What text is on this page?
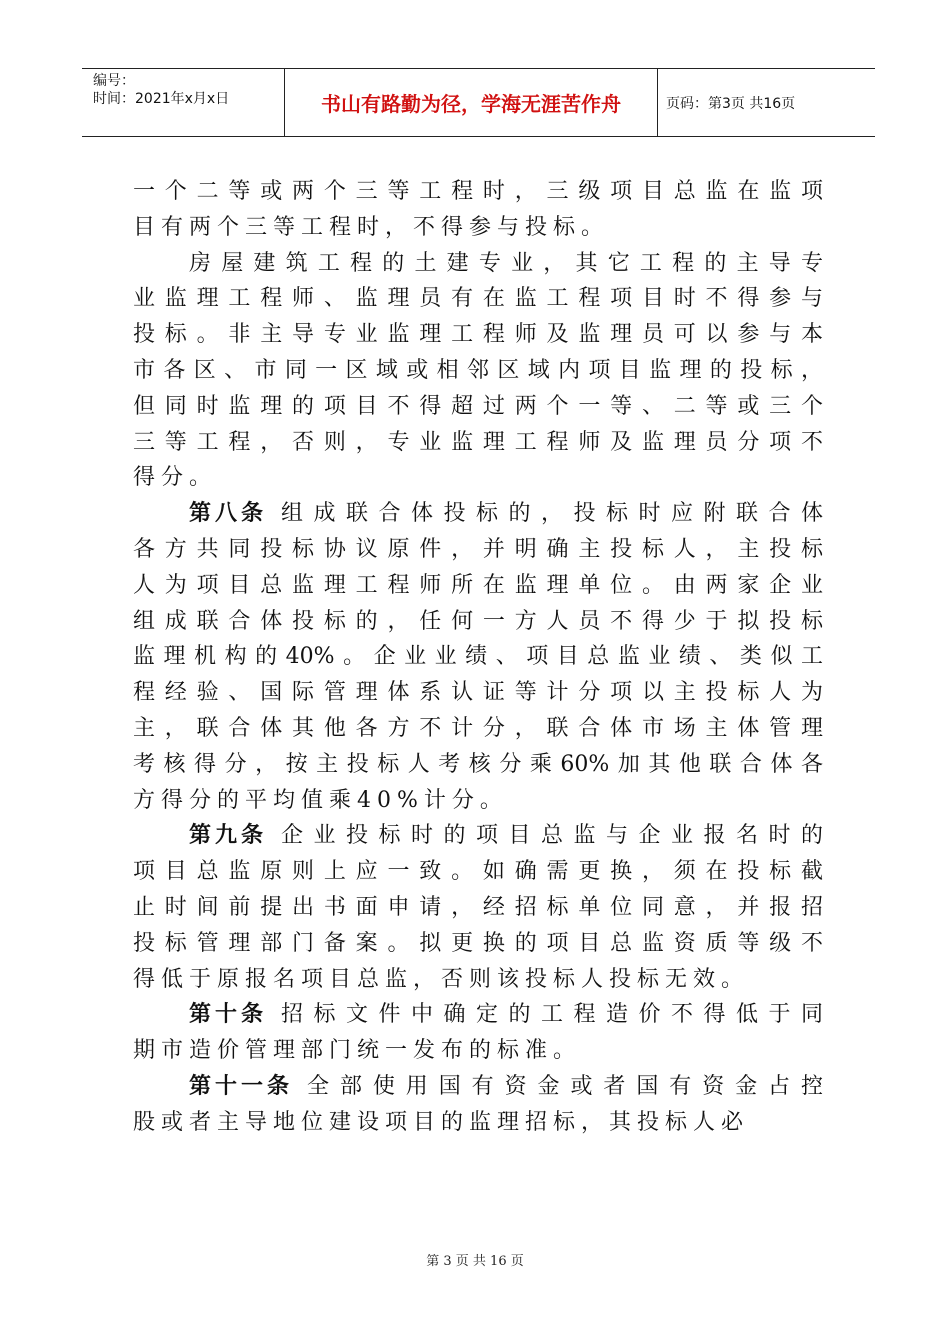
编号：
时间：2021年x月x日	书山有路勤为径，学海无涯苦作舟	页码：第3页 共16页
一个二等或两个三等工程时，三级项目总监在监项
目有两个三等工程时，不得参与投标。
房屋建筑工程的土建专业，其它工程的主导专
业监理工程师、监理员有在监工程项目时不得参与
投标。非主导专业监理工程师及监理员可以参与本
市各区、市同一区域或相邻区域内项目监理的投标，
但同时监理的项目不得超过两个一等、二等或三个
三等工程，否则，专业监理工程师及监理员分项不
得分。
第八条 组成联合体投标的，投标时应附联合体
各方共同投标协议原件，并明确主投标人，主投标
人为项目总监理工程师所在监理单位。由两家企业
组成联合体投标的，任何一方人员不得少于拟投标
监理机构的40%。企业业绩、项目总监业绩、类似工
程经验、国际管理体系认证等计分项以主投标人为
主，联合体其他各方不计分，联合体市场主体管理
考核得分，按主投标人考核分乘60%加其他联合体各
方得分的平均值乘40%计分。
第九条 企业投标时的项目总监与企业报名时的
项目总监原则上应一致。如确需更换，须在投标截
止时间前提出书面申请，经招标单位同意，并报招
投标管理部门备案。拟更换的项目总监资质等级不
得低于原报名项目总监，否则该投标人投标无效。
第十条 招标文件中确定的工程造价不得低于同
期市造价管理部门统一发布的标准。
第十一条 全部使用国有资金或者国有资金占控
股或者主导地位建设项目的监理招标，其投标人必
第 3 页 共 16 页
